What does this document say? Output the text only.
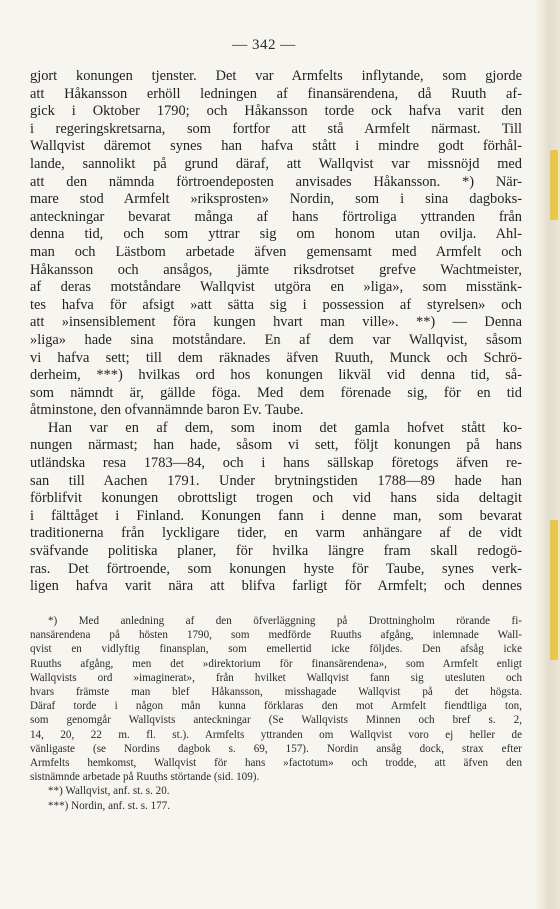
— 342 —
gjort konungen tjenster. Det var Armfelts inflytande, som gjorde
att Håkansson erhöll ledningen af finansärendena, då Ruuth af-
gick i Oktober 1790; och Håkansson torde ock hafva varit den
i regeringskretsarna, som fortfor att stå Armfelt närmast. Till
Wallqvist däremot synes han hafva stått i mindre godt förhål-
lande, sannolikt på grund däraf, att Wallqvist var missnöjd med
att den nämnda förtroendeposten anvisades Håkansson. *) När-
mare stod Armfelt »riksprosten» Nordin, som i sina dagboks-
anteckningar bevarat många af hans förtroliga yttranden från
denna tid, och som yttrar sig om honom utan ovilja. Ahl-
man och Lästbom arbetade äfven gemensamt med Armfelt och
Håkansson och ansågos, jämte riksdrotset grefve Wachtmeister,
af deras motståndare Wallqvist utgöra en »liga», som misstänk-
tes hafva för afsigt »att sätta sig i possession af styrelsen» och
att »insensiblement föra kungen hvart man ville». **) — Denna
»liga» hade sina motståndare. En af dem var Wallqvist, såsom
vi hafva sett; till dem räknades äfven Ruuth, Munck och Schrö-
derheim, ***) hvilkas ord hos konungen likväl vid denna tid, så-
som nämndt är, gällde föga. Med dem förenade sig, för en tid
åtminstone, den ofvannämnde baron Ev. Taube.
Han var en af dem, som inom det gamla hofvet stått ko-
nungen närmast; han hade, såsom vi sett, följt konungen på hans
utländska resa 1783—84, och i hans sällskap företogs äfven re-
san till Aachen 1791. Under brytningstiden 1788—89 hade han
förblifvit konungen obrottsligt trogen och vid hans sida deltagit
i fälttåget i Finland. Konungen fann i denne man, som bevarat
traditionerna från lyckligare tider, en varm anhängare af de vidt
sväfvande politiska planer, för hvilka längre fram skall redogö-
ras. Det förtroende, som konungen hyste för Taube, synes verk-
ligen hafva varit nära att blifva farligt för Armfelt; och dennes
*) Med anledning af den öfverläggning på Drottningholm rörande fi-
nansärendena på hösten 1790, som medförde Ruuths afgång, inlemnade Wall-
qvist en vidlyftig finansplan, som emellertid icke följdes. Den afsåg icke
Ruuths afgång, men det »direktorium för finansärendena», som Armfelt enligt
Wallqvists ord »imaginerat», från hvilket Wallqvist fann sig utesluten och
hvars främste man blef Håkansson, misshagade Wallqvist på det högsta.
Däraf torde i någon mån kunna förklaras den mot Armfelt fiendtliga ton,
som genomgår Wallqvists anteckningar (Se Wallqvists Minnen och bref s. 2,
14, 20, 22 m. fl. st.). Armfelts yttranden om Wallqvist voro ej heller de
vänligaste (se Nordins dagbok s. 69, 157). Nordin ansåg dock, strax efter
Armfelts hemkomst, Wallqvist för hans »factotum» och trodde, att äfven den
sistnämnde arbetade på Ruuths störtande (sid. 109).
**) Wallqvist, anf. st. s. 20.
***) Nordin, anf. st. s. 177.
